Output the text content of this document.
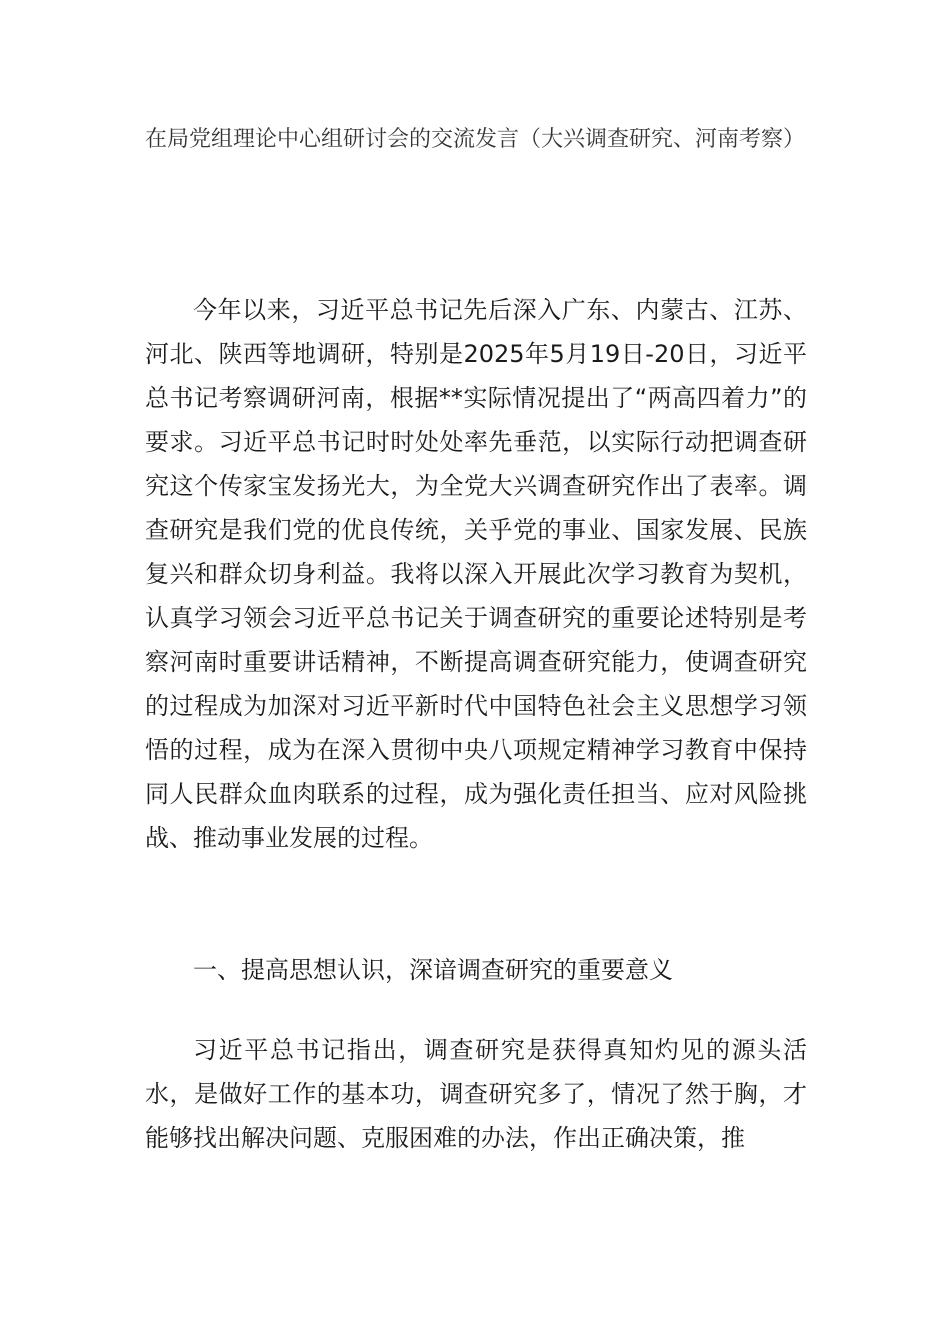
在局党组理论中心组研讨会的交流发言（大兴调查研究、河南考察）

今年以来，习近平总书记先后深入广东、内蒙古、江苏、河北、陕西等地调研，特别是2025年5月19日-20日，习近平总书记考察调研河南，根据**实际情况提出了“两高四着力”的要求。习近平总书记时时处处率先垂范，以实际行动把调查研究这个传家宝发扬光大，为全党大兴调查研究作出了表率。调查研究是我们党的优良传统，关乎党的事业、国家发展、民族复兴和群众切身利益。我将以深入开展此次学习教育为契机，认真学习领会习近平总书记关于调查研究的重要论述特别是考察河南时重要讲话精神，不断提高调查研究能力，使调查研究的过程成为加深对习近平新时代中国特色社会主义思想学习领悟的过程，成为在深入贯彻中央八项规定精神学习教育中保持同人民群众血肉联系的过程，成为强化责任担当、应对风险挑战、推动事业发展的过程。

一、提高思想认识，深谙调查研究的重要意义

习近平总书记指出，调查研究是获得真知灼见的源头活水，是做好工作的基本功，调查研究多了，情况了然于胸，才能够找出解决问题、克服困难的办法，作出正确决策，推
